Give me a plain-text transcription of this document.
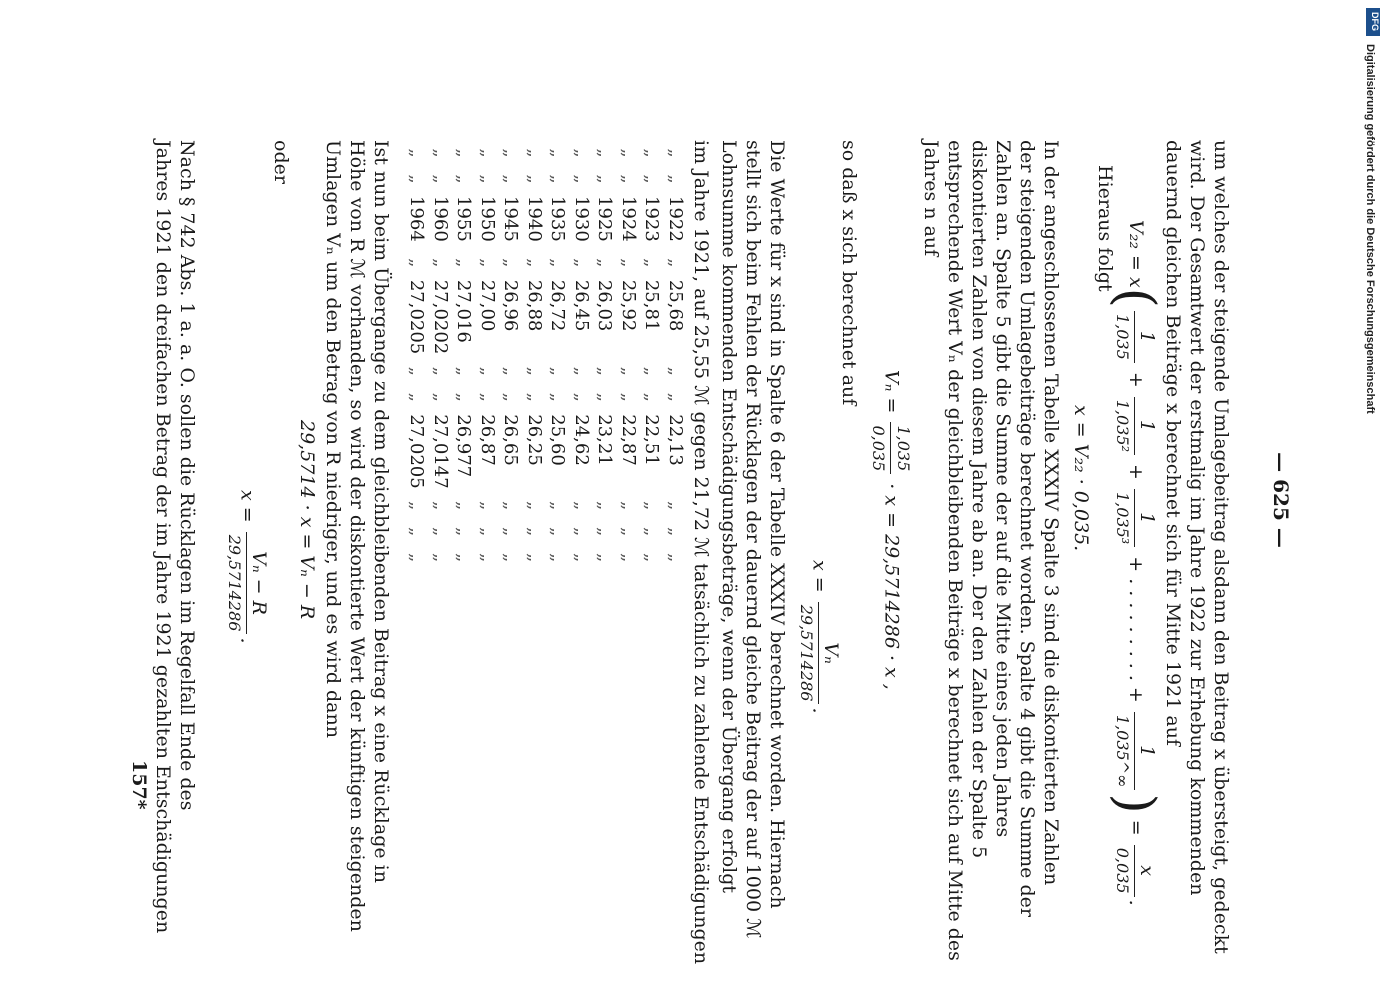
— 625 —
um welches der steigende Umlagebeitrag alsdann den Beitrag x übersteigt, gedeckt
wird. Der Gesamtwert der erstmalig im Jahre 1922 zur Erhebung kommenden
dauernd gleichen Beiträge x berechnet sich für Mitte 1921 auf
V₂₂ = x(
1
1,035
+
1
1,035²
+
1
1,035³
+ . . . . . . . . . +
1
1,035^∞
) =
x
0,035
.
Hieraus folgt
x = V₂₂ · 0,035.
In der angeschlossenen Tabelle XXXIV Spalte 3 sind die diskontierten Zahlen
der steigenden Umlagebeiträge berechnet worden. Spalte 4 gibt die Summe der
Zahlen an. Spalte 5 gibt die Summe der auf die Mitte eines jeden Jahres
diskontierten Zahlen von diesem Jahre ab an. Der den Zahlen der Spalte 5
entsprechende Wert Vₙ der gleichbleibenden Beiträge x berechnet sich auf Mitte des
Jahres n auf
Vₙ =
1,035
0,035
· x = 29,5714286 · x ,
so daß x sich berechnet auf
x =
Vₙ
29,5714286
.
Die Werte für x sind in Spalte 6 der Tabelle XXXIV berechnet worden. Hiernach
stellt sich beim Fehlen der Rücklagen der dauernd gleiche Beitrag der auf 1000 ℳ
Lohnsumme kommenden Entschädigungsbeträge, wenn der Übergang erfolgt
im Jahre 1921, auf 25,55 ℳ gegen 21,72 ℳ tatsächlich zu zahlende Entschädigungen
„	„	1922	„	25,68	„	„	22,13	„	„	„
„	„	1923	„	25,81	„	„	22,51	„	„	„
„	„	1924	„	25,92	„	„	22,87	„	„	„
„	„	1925	„	26,03	„	„	23,21	„	„	„
„	„	1930	„	26,45	„	„	24,62	„	„	„
„	„	1935	„	26,72	„	„	25,60	„	„	„
„	„	1940	„	26,88	„	„	26,25	„	„	„
„	„	1945	„	26,96	„	„	26,65	„	„	„
„	„	1950	„	27,00	„	„	26,87	„	„	„
„	„	1955	„	27,016	„	„	26,977	„	„	„
„	„	1960	„	27,0202	„	„	27,0147	„	„	„
„	„	1964	„	27,0205	„	„	27,0205	„	„	„
Ist nun beim Übergange zu dem gleichbleibenden Beitrag x eine Rücklage in
Höhe von R ℳ vorhanden, so wird der diskontierte Wert der künftigen steigenden
Umlagen Vₙ um den Betrag von R niedriger, und es wird dann
29,5714 · x = Vₙ − R
oder
x =
Vₙ − R
29,5714286
.
Nach § 742 Abs. 1 a. a. O. sollen die Rücklagen im Regelfall Ende des
Jahres 1921 den dreifachen Betrag der im Jahre 1921 gezahlten Entschädigungen
157*
DFG
Digitalisierung gefördert durch die Deutsche Forschungsgemeinschaft
